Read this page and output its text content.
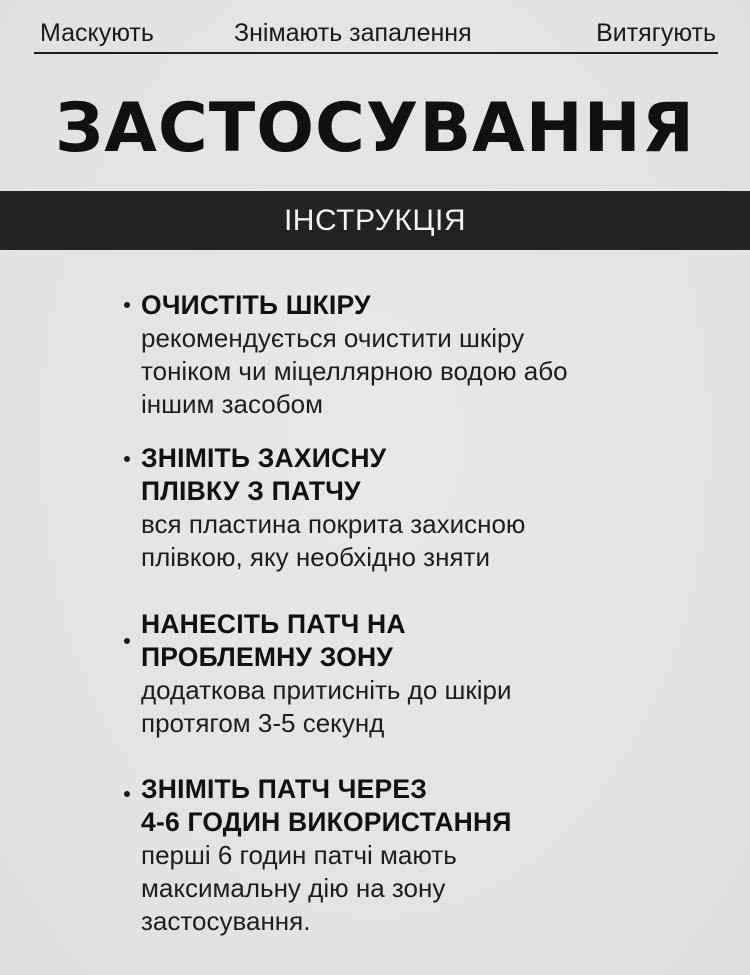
Маскують	Знімають запалення	Витягують
ЗАСТОСУВАННЯ
ІНСТРУКЦІЯ
ОЧИСТІТЬ ШКІРУ
рекомендується очистити шкіру
тоніком чи міцеллярною водою або
іншим засобом
ЗНІМІТЬ ЗАХИСНУ
ПЛІВКУ З ПАТЧУ
вся пластина покрита захисною
плівкою, яку необхідно зняти
НАНЕСІТЬ ПАТЧ НА
ПРОБЛЕМНУ ЗОНУ
додаткова притисніть до шкіри
протягом 3-5 секунд
ЗНІМІТЬ ПАТЧ ЧЕРЕЗ
4-6 ГОДИН ВИКОРИСТАННЯ
перші 6 годин патчі мають
максимальну дію на зону
застосування.
